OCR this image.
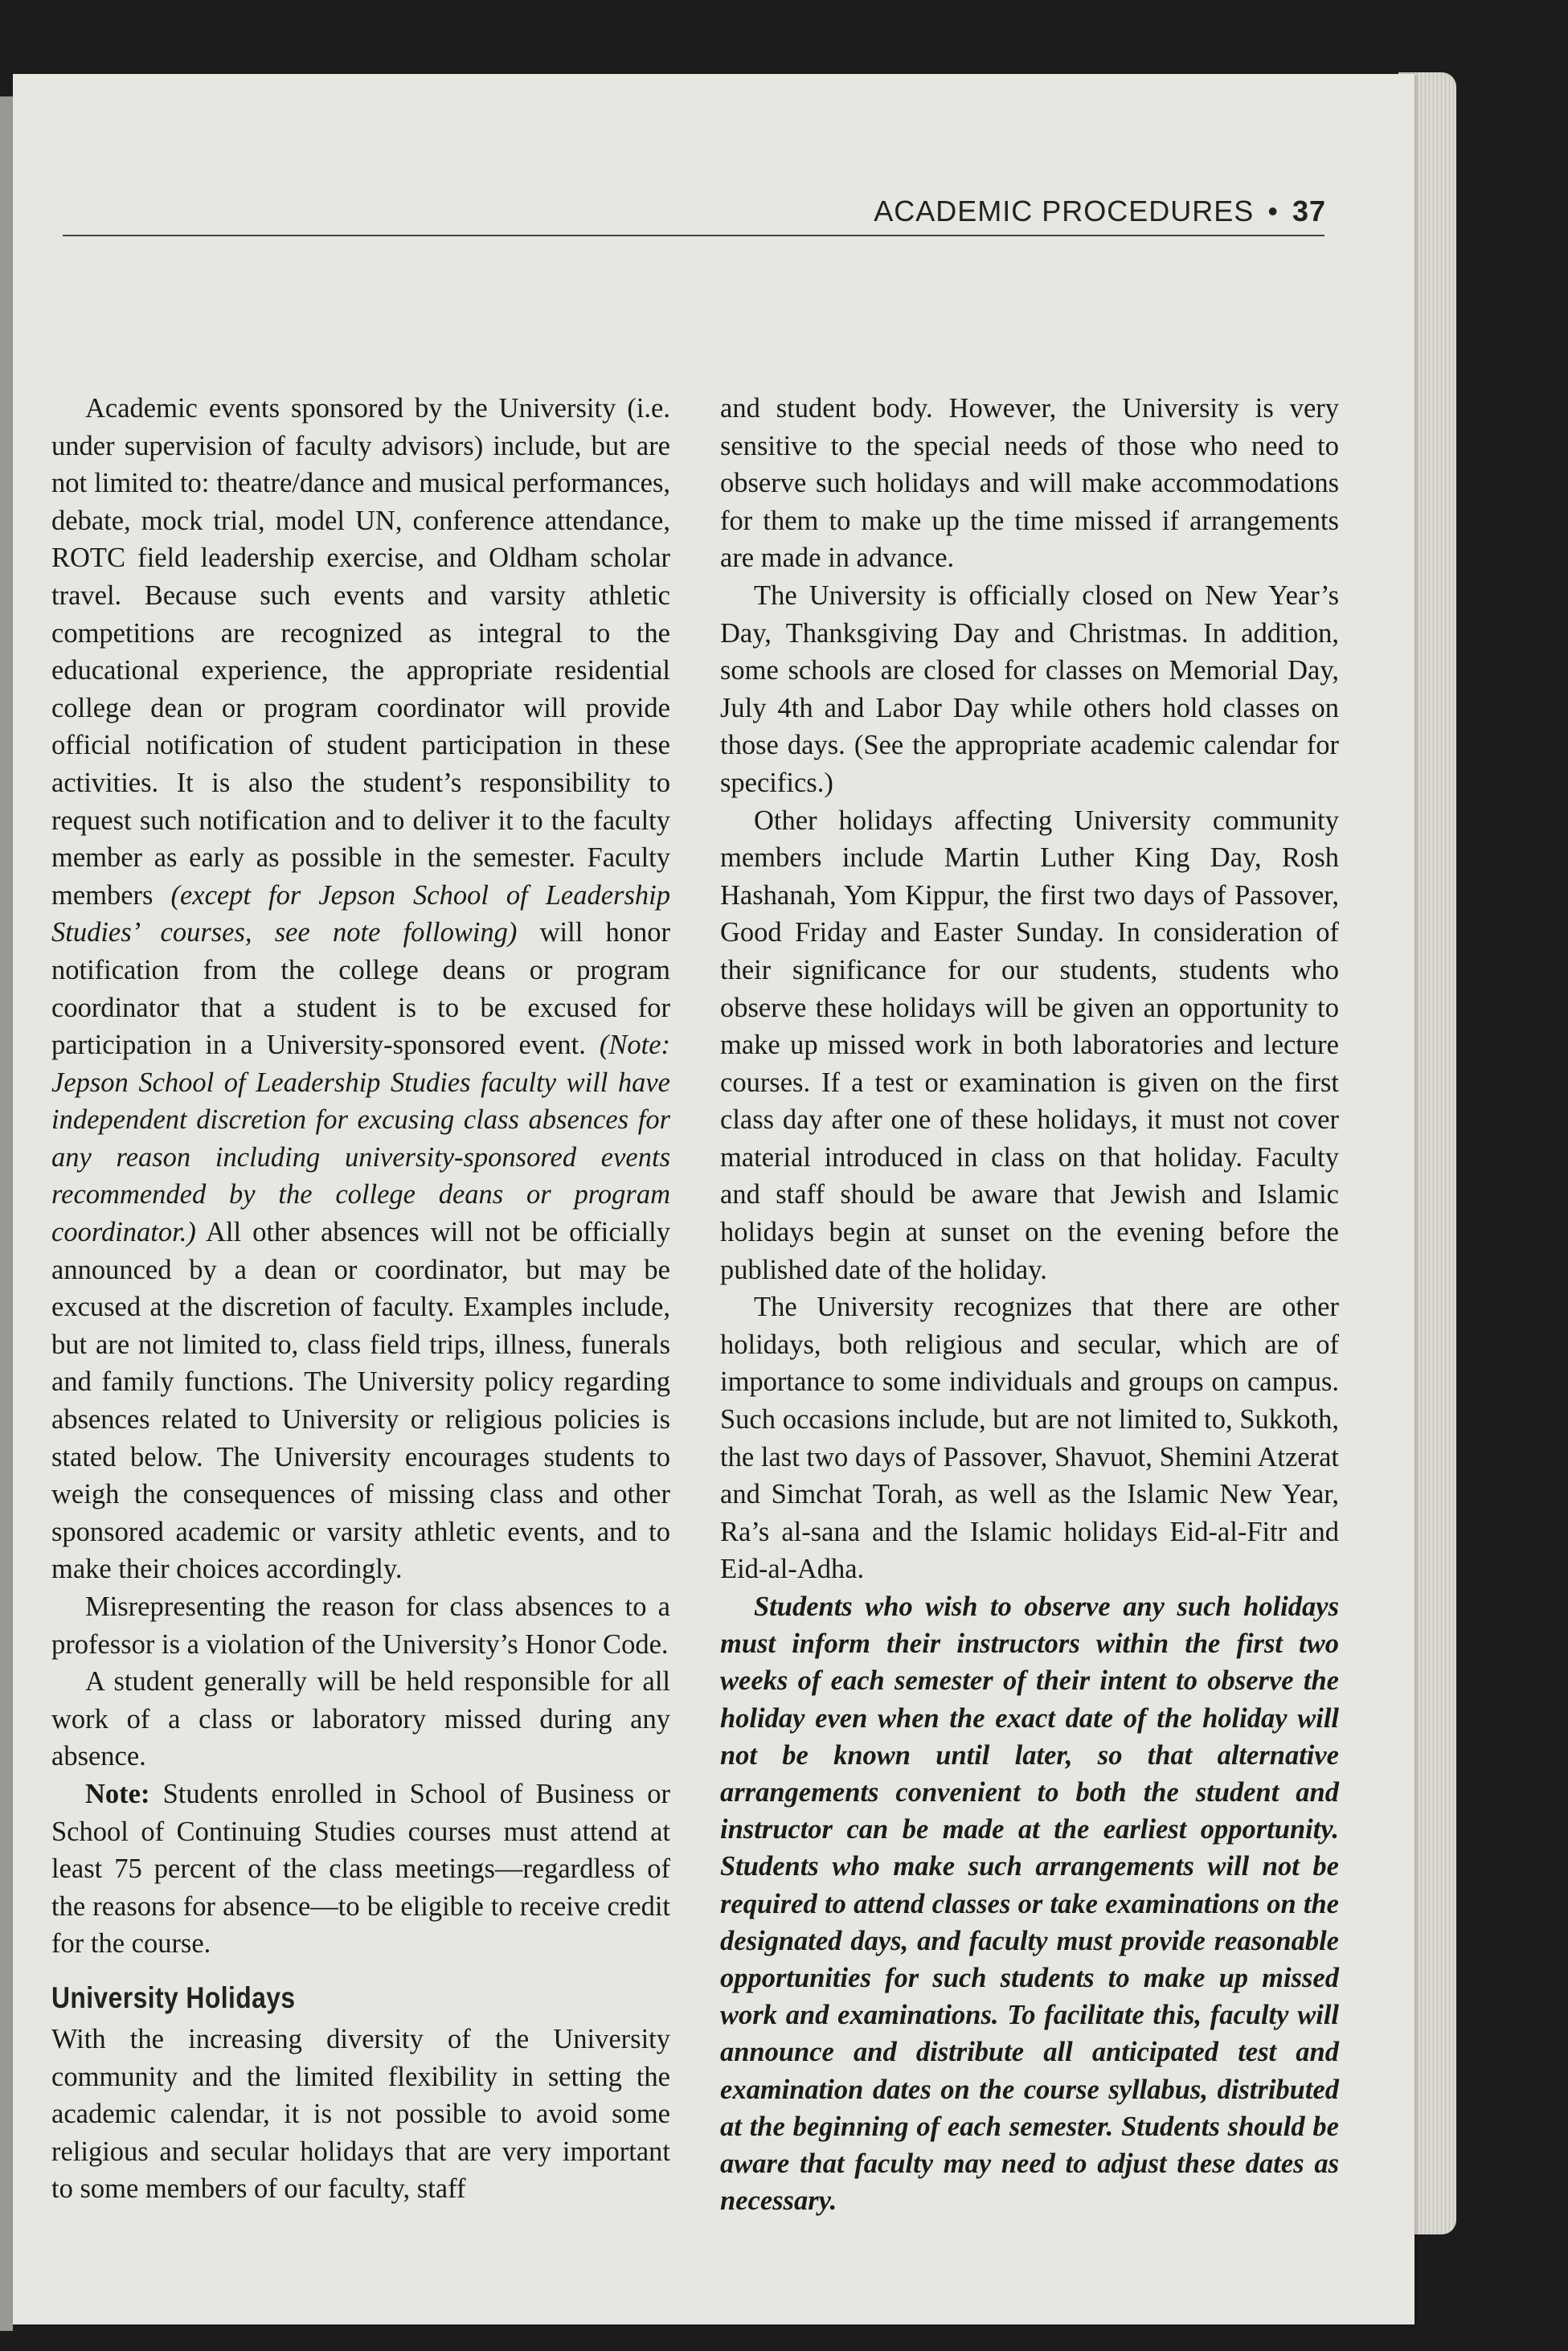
ACADEMIC PROCEDURES • 37

Academic events sponsored by the University (i.e. under supervision of faculty advisors) include, but are not limited to: theatre/dance and musical performances, debate, mock trial, model UN, conference attendance, ROTC field leadership exercise, and Oldham scholar travel. Because such events and varsity athletic competitions are recognized as integral to the educational experience, the appropriate residential college dean or program coordinator will provide official notification of student participation in these activities. It is also the student’s responsibility to request such notification and to deliver it to the faculty member as early as possible in the semester. Faculty members (except for Jepson School of Leadership Studies’ courses, see note following) will honor notification from the college deans or program coordinator that a student is to be excused for participation in a University-sponsored event. (Note: Jepson School of Leadership Studies faculty will have independent discretion for excusing class absences for any reason including university-sponsored events recommended by the college deans or program coordinator.) All other absences will not be officially announced by a dean or coordinator, but may be excused at the discretion of faculty. Examples include, but are not limited to, class field trips, illness, funerals and family functions. The University policy regarding absences related to University or religious policies is stated below. The University encourages students to weigh the consequences of missing class and other sponsored academic or varsity athletic events, and to make their choices accordingly.

Misrepresenting the reason for class absences to a professor is a violation of the University’s Honor Code.

A student generally will be held responsible for all work of a class or laboratory missed during any absence.

Note: Students enrolled in School of Business or School of Continuing Studies courses must attend at least 75 percent of the class meetings—regardless of the reasons for absence—to be eligible to receive credit for the course.

University Holidays

With the increasing diversity of the University community and the limited flexibility in setting the academic calendar, it is not possible to avoid some religious and secular holidays that are very important to some members of our faculty, staff

and student body. However, the University is very sensitive to the special needs of those who need to observe such holidays and will make accommodations for them to make up the time missed if arrangements are made in advance.

The University is officially closed on New Year’s Day, Thanksgiving Day and Christmas. In addition, some schools are closed for classes on Memorial Day, July 4th and Labor Day while others hold classes on those days. (See the appropriate academic calendar for specifics.)

Other holidays affecting University community members include Martin Luther King Day, Rosh Hashanah, Yom Kippur, the first two days of Passover, Good Friday and Easter Sunday. In consideration of their significance for our students, students who observe these holidays will be given an opportunity to make up missed work in both laboratories and lecture courses. If a test or examination is given on the first class day after one of these holidays, it must not cover material introduced in class on that holiday. Faculty and staff should be aware that Jewish and Islamic holidays begin at sunset on the evening before the published date of the holiday.

The University recognizes that there are other holidays, both religious and secular, which are of importance to some individuals and groups on campus. Such occasions include, but are not limited to, Sukkoth, the last two days of Passover, Shavuot, Shemini Atzerat and Simchat Torah, as well as the Islamic New Year, Ra’s al-sana and the Islamic holidays Eid-al-Fitr and Eid-al-Adha.

Students who wish to observe any such holidays must inform their instructors within the first two weeks of each semester of their intent to observe the holiday even when the exact date of the holiday will not be known until later, so that alternative arrangements convenient to both the student and instructor can be made at the earliest opportunity. Students who make such arrangements will not be required to attend classes or take examinations on the designated days, and faculty must provide reasonable opportunities for such students to make up missed work and examinations. To facilitate this, faculty will announce and distribute all anticipated test and examination dates on the course syllabus, distributed at the beginning of each semester. Students should be aware that faculty may need to adjust these dates as necessary.
